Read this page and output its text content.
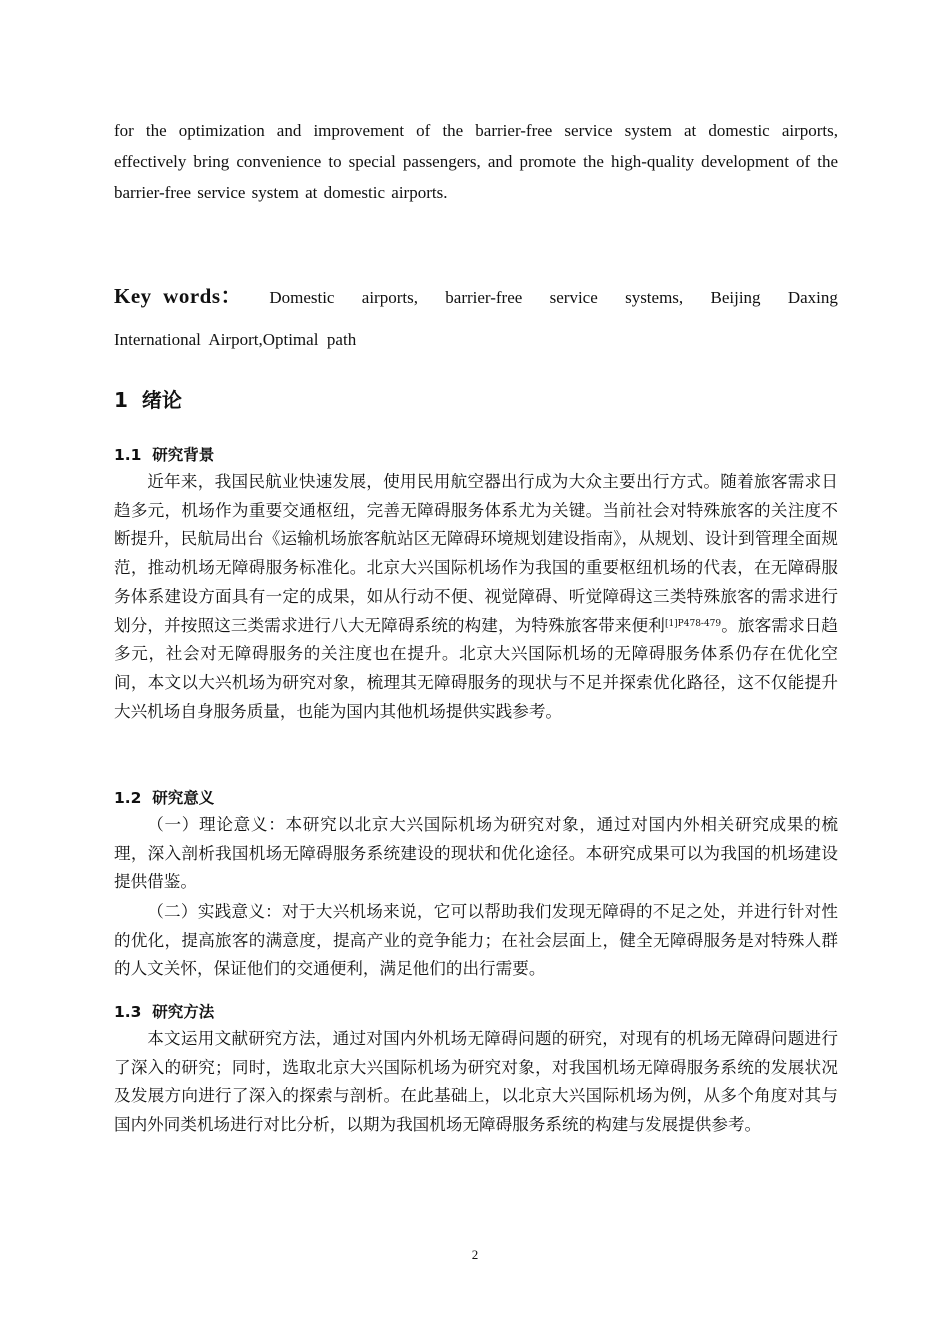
for the optimization and improvement of the barrier-free service system at domestic airports, effectively bring convenience to special passengers, and promote the high-quality development of the barrier-free service system at domestic airports.
Key  words： Domestic airports, barrier-free service systems, Beijing Daxing
International  Airport,Optimal  path
1 绪论
1.1 研究背景
近年来，我国民航业快速发展，使用民用航空器出行成为大众主要出行方式。随着旅客需求日趋多元，机场作为重要交通枢纽，完善无障碍服务体系尤为关键。当前社会对特殊旅客的关注度不断提升，民航局出台《运输机场旅客航站区无障碍环境规划建设指南》，从规划、设计到管理全面规范，推动机场无障碍服务标准化。北京大兴国际机场作为我国的重要枢纽机场的代表，在无障碍服务体系建设方面具有一定的成果，如从行动不便、视觉障碍、听觉障碍这三类特殊旅客的需求进行划分，并按照这三类需求进行八大无障碍系统的构建，为特殊旅客带来便利$^{[1]P478-479}$。旅客需求日趋多元，社会对无障碍服务的关注度也在提升。北京大兴国际机场的无障碍服务体系仍存在优化空间，本文以大兴机场为研究对象，梳理其无障碍服务的现状与不足并探索优化路径，这不仅能提升大兴机场自身服务质量，也能为国内其他机场提供实践参考。
1.2 研究意义
（一）理论意义：本研究以北京大兴国际机场为研究对象，通过对国内外相关研究成果的梳理，深入剖析我国机场无障碍服务系统建设的现状和优化途径。本研究成果可以为我国的机场建设提供借鉴。
（二）实践意义：对于大兴机场来说，它可以帮助我们发现无障碍的不足之处，并进行针对性的优化，提高旅客的满意度，提高产业的竞争能力；在社会层面上，健全无障碍服务是对特殊人群的人文关怀，保证他们的交通便利，满足他们的出行需要。
1.3 研究方法
本文运用文献研究方法，通过对国内外机场无障碍问题的研究，对现有的机场无障碍问题进行了深入的研究；同时，选取北京大兴国际机场为研究对象，对我国机场无障碍服务系统的发展状况及发展方向进行了深入的探索与剖析。在此基础上，以北京大兴国际机场为例，从多个角度对其与国内外同类机场进行对比分析，以期为我国机场无障碍服务系统的构建与发展提供参考。
2
